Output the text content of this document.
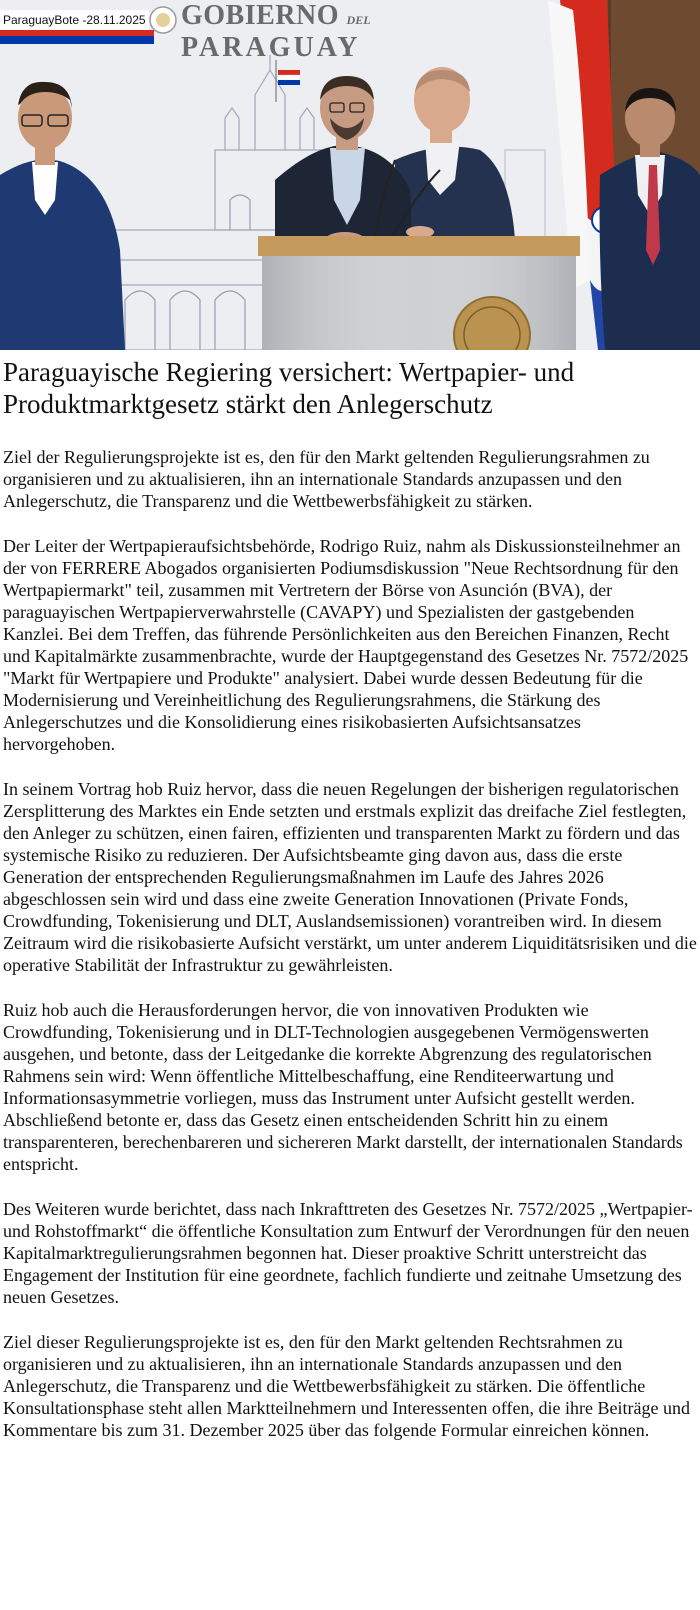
GOBIERNO DEL
PARAGUAY
ParaguayBote -28.11.2025
Paraguayische Regiering versichert: Wertpapier- und Produktmarktgesetz stärkt den Anlegerschutz

Ziel der Regulierungsprojekte ist es, den für den Markt geltenden Regulierungsrahmen zu organisieren und zu aktualisieren, ihn an internationale Standards anzupassen und den Anlegerschutz, die Transparenz und die Wettbewerbsfähigkeit zu stärken.

Der Leiter der Wertpapieraufsichtsbehörde, Rodrigo Ruiz, nahm als Diskussionsteilnehmer an der von FERRERE Abogados organisierten Podiumsdiskussion "Neue Rechtsordnung für den Wertpapiermarkt" teil, zusammen mit Vertretern der Börse von Asunción (BVA), der paraguayischen Wertpapierverwahrstelle (CAVAPY) und Spezialisten der gastgebenden Kanzlei. Bei dem Treffen, das führende Persönlichkeiten aus den Bereichen Finanzen, Recht und Kapitalmärkte zusammenbrachte, wurde der Hauptgegenstand des Gesetzes Nr. 7572/2025 "Markt für Wertpapiere und Produkte" analysiert. Dabei wurde dessen Bedeutung für die Modernisierung und Vereinheitlichung des Regulierungsrahmens, die Stärkung des Anlegerschutzes und die Konsolidierung eines risikobasierten Aufsichtsansatzes hervorgehoben.

In seinem Vortrag hob Ruiz hervor, dass die neuen Regelungen der bisherigen regulatorischen Zersplitterung des Marktes ein Ende setzten und erstmals explizit das dreifache Ziel festlegten, den Anleger zu schützen, einen fairen, effizienten und transparenten Markt zu fördern und das systemische Risiko zu reduzieren. Der Aufsichtsbeamte ging davon aus, dass die erste Generation der entsprechenden Regulierungsmaßnahmen im Laufe des Jahres 2026 abgeschlossen sein wird und dass eine zweite Generation Innovationen (Private Fonds, Crowdfunding, Tokenisierung und DLT, Auslandsemissionen) vorantreiben wird. In diesem Zeitraum wird die risikobasierte Aufsicht verstärkt, um unter anderem Liquiditätsrisiken und die operative Stabilität der Infrastruktur zu gewährleisten.

Ruiz hob auch die Herausforderungen hervor, die von innovativen Produkten wie Crowdfunding, Tokenisierung und in DLT-Technologien ausgegebenen Vermögenswerten ausgehen, und betonte, dass der Leitgedanke die korrekte Abgrenzung des regulatorischen Rahmens sein wird: Wenn öffentliche Mittelbeschaffung, eine Renditeerwartung und Informationsasymmetrie vorliegen, muss das Instrument unter Aufsicht gestellt werden. Abschließend betonte er, dass das Gesetz einen entscheidenden Schritt hin zu einem transparenteren, berechenbareren und sichereren Markt darstellt, der internationalen Standards entspricht.

Des Weiteren wurde berichtet, dass nach Inkrafttreten des Gesetzes Nr. 7572/2025 „Wertpapier- und Rohstoffmarkt“ die öffentliche Konsultation zum Entwurf der Verordnungen für den neuen Kapitalmarktregulierungsrahmen begonnen hat. Dieser proaktive Schritt unterstreicht das Engagement der Institution für eine geordnete, fachlich fundierte und zeitnahe Umsetzung des neuen Gesetzes.

Ziel dieser Regulierungsprojekte ist es, den für den Markt geltenden Rechtsrahmen zu organisieren und zu aktualisieren, ihn an internationale Standards anzupassen und den Anlegerschutz, die Transparenz und die Wettbewerbsfähigkeit zu stärken. Die öffentliche Konsultationsphase steht allen Marktteilnehmern und Interessenten offen, die ihre Beiträge und Kommentare bis zum 31. Dezember 2025 über das folgende Formular einreichen können.
